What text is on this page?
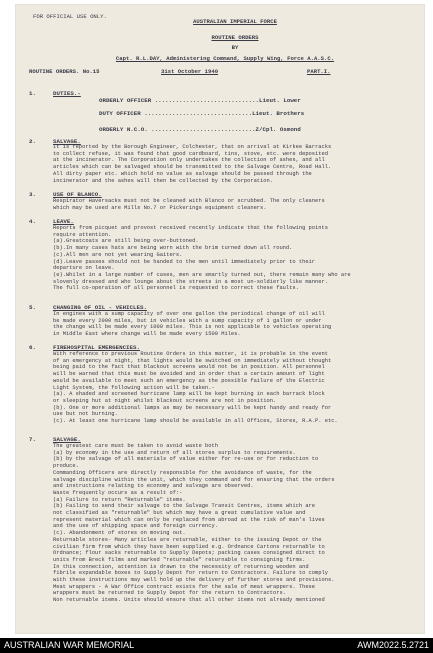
FOR OFFICIAL USE ONLY.
AUSTRALIAN IMPERIAL FORCE
ROUTINE ORDERS
BY
Capt. R.L.DAY, Administering Command, Supply Wing, Force A.A.S.C.
ROUTINE ORDERS. No.15	31st October 1940	PART.I.
1.	DUTIES.-
ORDERLY OFFICER ..............................Lieut. Lower
DUTY OFFICER ...............................Lieut. Brothers
ORDERLY N.C.O. ..............................Z/Cpl. Osmond
2.	SALVAGE.
It is reported by the Borough Engineer, Colchester, that on arrival at Kirkee Barracks
to collect refuse, it was found that good cardboard, tins, stove, etc. were deposited
at the incinerator. The Corporation only undertakes the collection of ashes, and all
articles which can be salvaged should be transmitted to the Salvage Centre, Road Hall.
All dirty paper etc. which hold no value as salvage should be passed through the
incinerator and the ashes will then be collected by the Corporation.
3.	USE OF BLANCO.
Respirator Haversacks must not be cleaned with Blanco or scrubbed. The only cleaners
which may be used are Mills No.7 or Pickerings equipment cleaners.
4.	LEAVE.
Reports from picquet and provost received recently indicate that the following points
require attention.
(a).Greatcoats are still being over-buttoned.
(b).In many cases hats are being worn with the brim turned down all round.
(c).All men are not yet wearing Gaiters.
(d).Leave passes should not be handed to the men until immediately prior to their
departure on leave.
(e).Whilst in a large number of cases, men are smartly turned out, there remain many who are
slovenly dressed and who lounge about the streets in a most un-soldierly like manner.
The full co-operation of all personnel is requested to correct these faults.
5.	CHANGING OF OIL - VEHICLES.
In engines with a sump capacity of over one gallon the periodical change of oil will
be made every 2000 miles, but in vehicles with a sump capacity of 1 gallon or under
the change will be made every 1000 miles. This is not applicable to vehicles operating
in Middle East where change will be made every 1500 Miles.
6.	FIREHOSPITAL EMERGENCIES.
With reference to previous Routine Orders in this matter, it is probable in the event
of an emergency at night, that lights would be switched on immediately without thought
being paid to the fact that blackout screens would not be in position. All personnel
will be warned that this must be avoided and in order that a certain amount of light
would be available to meet such an emergency as the possible failure of the Electric
Light System, the following action will be taken.-
(a). A shaded and screened hurricane lamp will be kept burning in each barrack block
or sleeping hut at night whilst blackout screens are not in position.
(b). One or more additional lamps as may be necessary will be kept handy and ready for
use but not burning.
(c). At least one hurricane lamp should be available in all Offices, Stores, R.A.P. etc.
7.	SALVAGE.
The greatest care must be taken to avoid waste both
(a) by economy in the use and return of all stores surplus to requirements.
(b) by the salvage of all materials of value either for re-use or for reduction to
produce.
Commanding Officers are directly responsible for the avoidance of waste, for the
salvage discipline within the unit, which they command and for ensuring that the orders
and instructions relating to economy and salvage are observed.
Waste frequently occurs as a result of:-
(a) Failure to return "Returnable" items.
(b) Failing to send their salvage to the Salvage Transit Centres, items which are
not classified as "returnable" but which may have a great cumulative value and
represent material which can only be replaced from abroad at the risk of man's lives
and the use of shipping space and foreign currency.
(c). Abandonment of stores on moving out.
Returnable stores- Many articles are returnable, either to the issuing Depot or the
civilian firm from which they have been supplied e.g. Ordnance Cartons returnable to
Ordnance; flour sacks returnable to Supply Depots; packing cases consigned direct to
units from Breck films and marked "returnable" returnable to consigning firms.
In this connection, attention is drawn to the necessity of returning wooden and
fibrile expandable boxes to Supply Depot for return to Contractors. Failure to comply
with these instructions may well hold up the delivery of further stores and provisions.
Meat wrappers - A War Office contract exists for the sale of meat wrappers. These
wrappers must be returned to Supply Depot for the return to Contractors.
Non returnable items. Units should ensure that all other items not already mentioned
AUSTRALIAN WAR MEMORIAL	AWM2022.5.2721
